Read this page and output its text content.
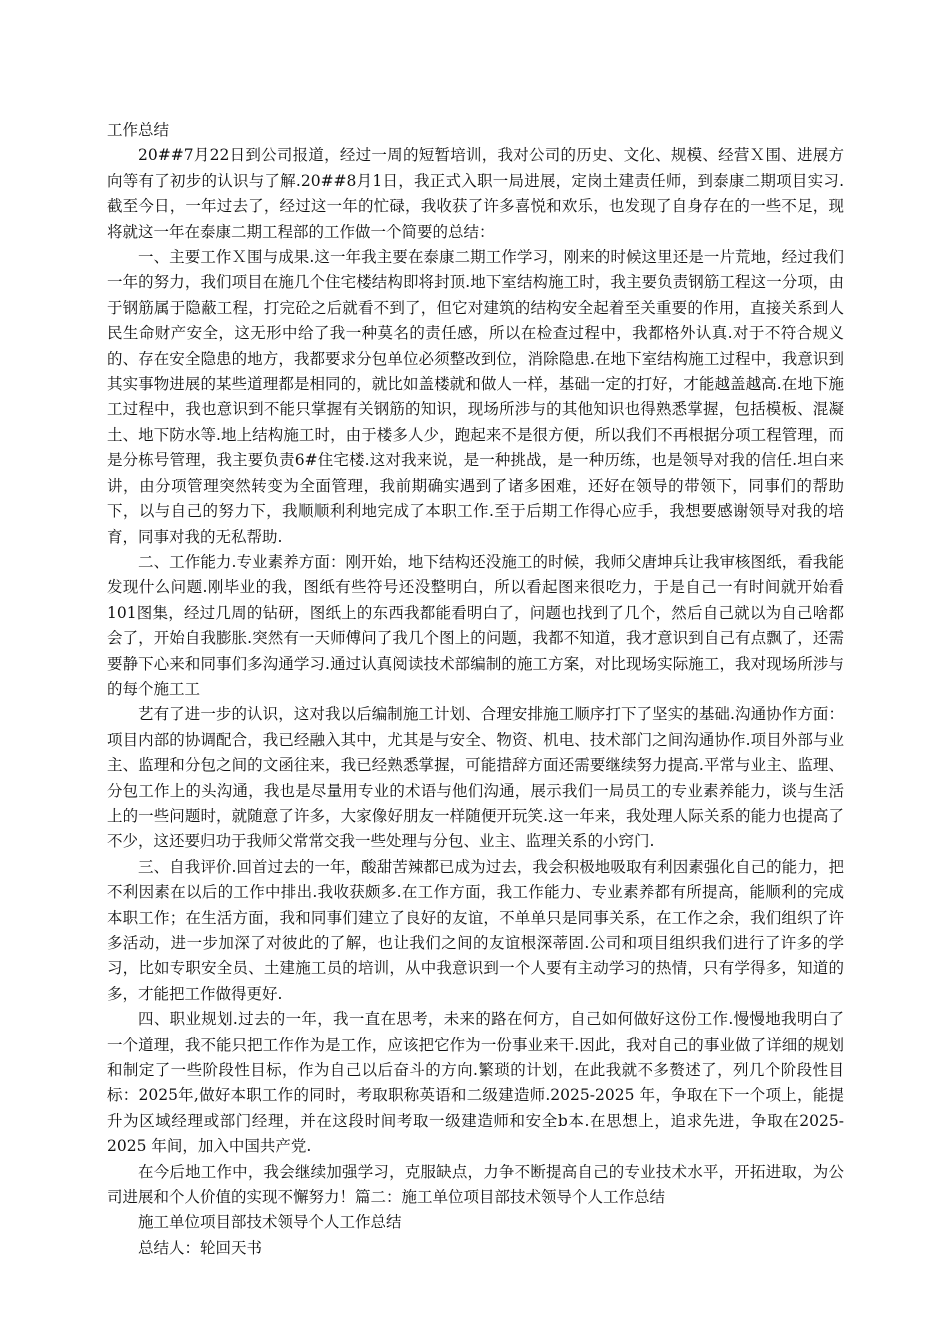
工作总结

20##7月22日到公司报道，经过一周的短暂培训，我对公司的历史、文化、规模、经营Ｘ围、进展方向等有了初步的认识与了解.20##8月1日，我正式入职一局进展，定岗土建责任师，到泰康二期项目实习.截至今日，一年过去了，经过这一年的忙碌，我收获了许多喜悦和欢乐，也发现了自身存在的一些不足，现将就这一年在泰康二期工程部的工作做一个简要的总结：

一、主要工作Ｘ围与成果.这一年我主要在泰康二期工作学习，刚来的时候这里还是一片荒地，经过我们一年的努力，我们项目在施几个住宅楼结构即将封顶.地下室结构施工时，我主要负责钢筋工程这一分项，由于钢筋属于隐蔽工程，打完砼之后就看不到了，但它对建筑的结构安全起着至关重要的作用，直接关系到人民生命财产安全，这无形中给了我一种莫名的责任感，所以在检查过程中，我都格外认真.对于不符合规义的、存在安全隐患的地方，我都要求分包单位必须整改到位，消除隐患.在地下室结构施工过程中，我意识到其实事物进展的某些道理都是相同的，就比如盖楼就和做人一样，基础一定的打好，才能越盖越高.在地下施工过程中，我也意识到不能只掌握有关钢筋的知识，现场所涉与的其他知识也得熟悉掌握，包括模板、混凝土、地下防水等.地上结构施工时，由于楼多人少，跑起来不是很方便，所以我们不再根据分项工程管理，而是分栋号管理，我主要负责6#住宅楼.这对我来说，是一种挑战，是一种历练，也是领导对我的信任.坦白来讲，由分项管理突然转变为全面管理，我前期确实遇到了诸多困难，还好在领导的带领下，同事们的帮助下，以与自己的努力下，我顺顺利利地完成了本职工作.至于后期工作得心应手，我想要感谢领导对我的培育，同事对我的无私帮助.

二、工作能力.专业素养方面：刚开始，地下结构还没施工的时候，我师父唐坤兵让我审核图纸，看我能发现什么问题.刚毕业的我，图纸有些符号还没整明白，所以看起图来很吃力，于是自己一有时间就开始看101图集，经过几周的钻研，图纸上的东西我都能看明白了，问题也找到了几个，然后自己就以为自己啥都会了，开始自我膨胀.突然有一天师傅问了我几个图上的问题，我都不知道，我才意识到自己有点飘了，还需要静下心来和同事们多沟通学习.通过认真阅读技术部编制的施工方案，对比现场实际施工，我对现场所涉与的每个施工工

艺有了进一步的认识，这对我以后编制施工计划、合理安排施工顺序打下了坚实的基础.沟通协作方面：项目内部的协调配合，我已经融入其中，尤其是与安全、物资、机电、技术部门之间沟通协作.项目外部与业主、监理和分包之间的文函往来，我已经熟悉掌握，可能措辞方面还需要继续努力提高.平常与业主、监理、分包工作上的头沟通，我也是尽量用专业的术语与他们沟通，展示我们一局员工的专业素养能力，谈与生活上的一些问题时，就随意了许多，大家像好朋友一样随便开玩笑.这一年来，我处理人际关系的能力也提高了不少，这还要归功于我师父常常交我一些处理与分包、业主、监理关系的小窍门.

三、自我评价.回首过去的一年，酸甜苦辣都已成为过去，我会积极地吸取有利因素强化自己的能力，把不利因素在以后的工作中排出.我收获颇多.在工作方面，我工作能力、专业素养都有所提高，能顺利的完成本职工作；在生活方面，我和同事们建立了良好的友谊，不单单只是同事关系，在工作之余，我们组织了许多活动，进一步加深了对彼此的了解，也让我们之间的友谊根深蒂固.公司和项目组织我们进行了许多的学习，比如专职安全员、土建施工员的培训，从中我意识到一个人要有主动学习的热情，只有学得多，知道的多，才能把工作做得更好.

四、职业规划.过去的一年，我一直在思考，未来的路在何方，自己如何做好这份工作.慢慢地我明白了 一个道理，我不能只把工作作为是工作，应该把它作为一份事业来干.因此，我对自己的事业做了详细的规划和制定了一些阶段性目标，作为自己以后奋斗的方向.繁琐的计划，在此我就不多赘述了，列几个阶段性目标：2025年,做好本职工作的同时，考取职称英语和二级建造师.2025-2025 年，争取在下一个项上，能提升为区域经理或部门经理，并在这段时间考取一级建造师和安全b本.在思想上，追求先进，争取在2025-2025 年间，加入中国共产党.

在今后地工作中，我会继续加强学习，克服缺点，力争不断提高自己的专业技术水平，开拓进取，为公司进展和个人价值的实现不懈努力！篇二：施工单位项目部技术领导个人工作总结

施工单位项目部技术领导个人工作总结

总结人：轮回天书
